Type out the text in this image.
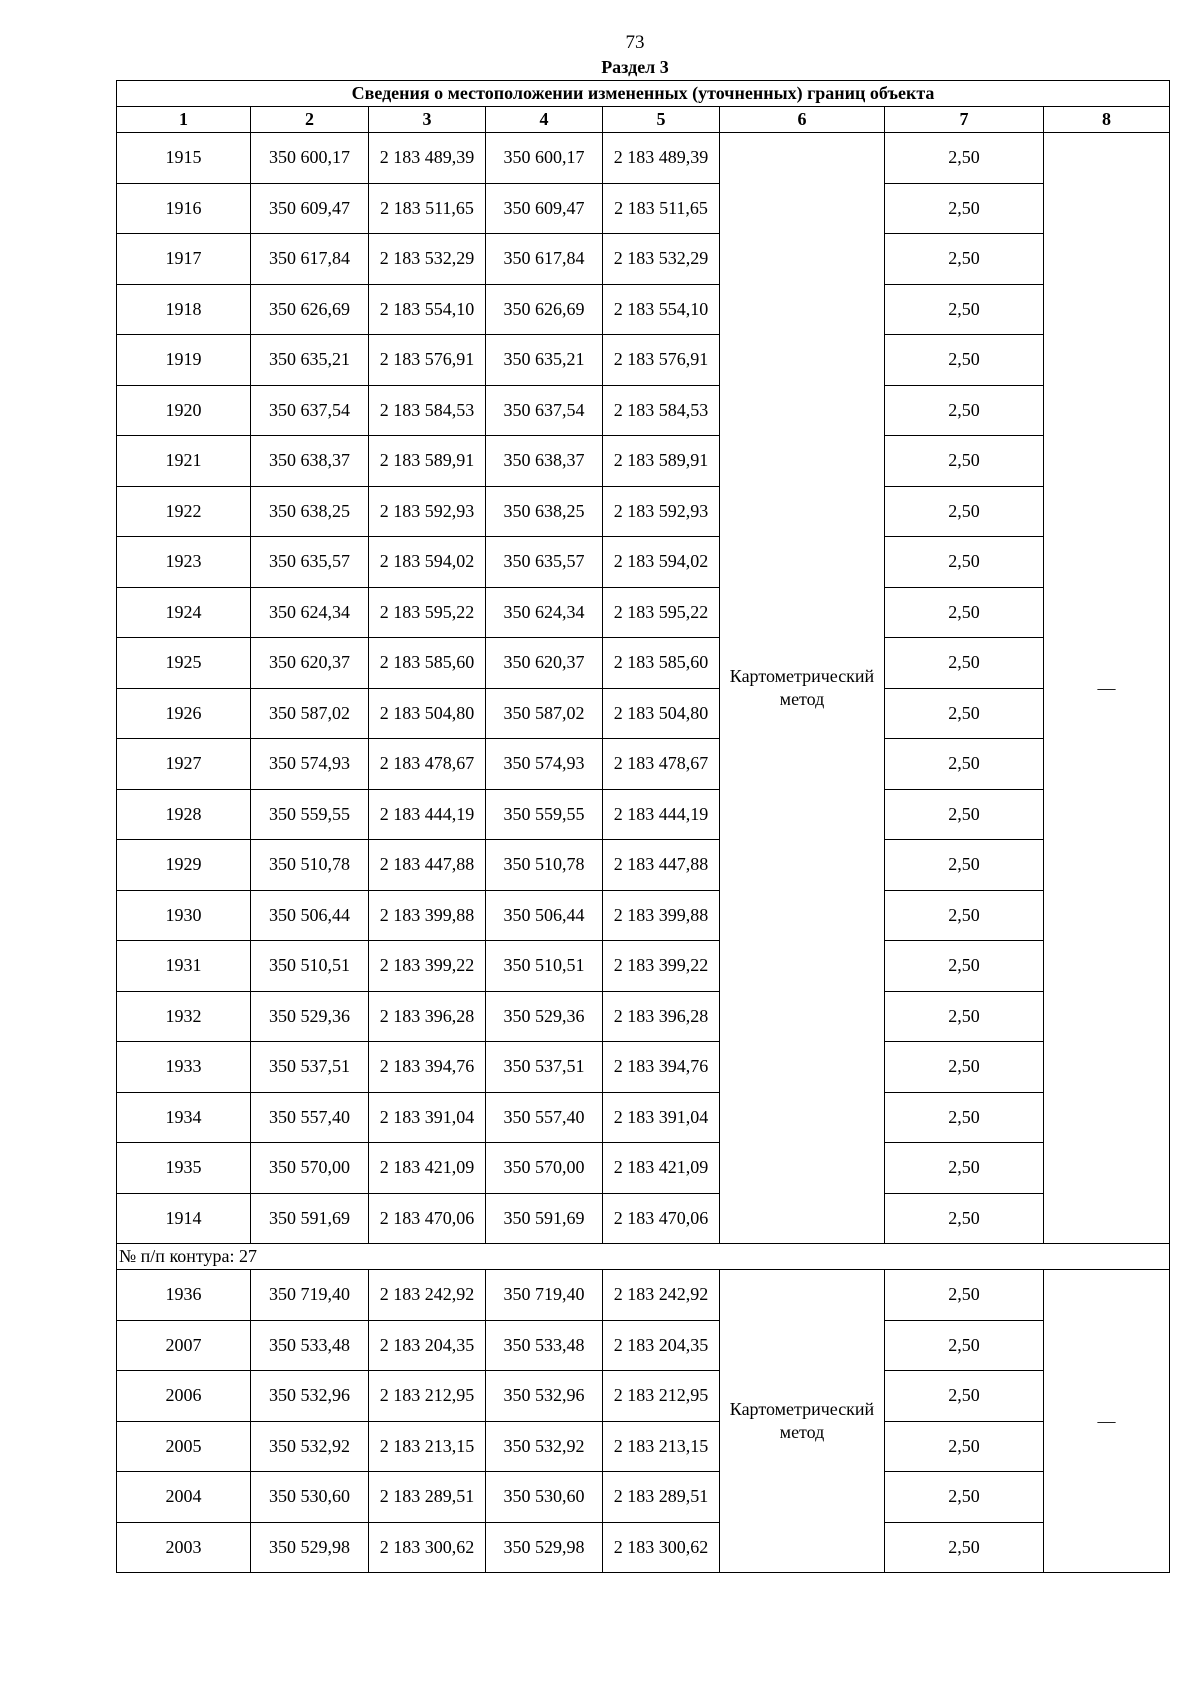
73
Раздел 3
Сведения о местоположении измененных (уточненных) границ объекта							
1	2	3	4	5	6	7	8
1915	350 600,17	2 183 489,39	350 600,17	2 183 489,39	Картометрический метод	2,50	—
1916	350 609,47	2 183 511,65	350 609,47	2 183 511,65		2,50	
1917	350 617,84	2 183 532,29	350 617,84	2 183 532,29		2,50	
1918	350 626,69	2 183 554,10	350 626,69	2 183 554,10		2,50	
1919	350 635,21	2 183 576,91	350 635,21	2 183 576,91		2,50	
1920	350 637,54	2 183 584,53	350 637,54	2 183 584,53		2,50	
1921	350 638,37	2 183 589,91	350 638,37	2 183 589,91		2,50	
1922	350 638,25	2 183 592,93	350 638,25	2 183 592,93		2,50	
1923	350 635,57	2 183 594,02	350 635,57	2 183 594,02		2,50	
1924	350 624,34	2 183 595,22	350 624,34	2 183 595,22		2,50	
1925	350 620,37	2 183 585,60	350 620,37	2 183 585,60		2,50	
1926	350 587,02	2 183 504,80	350 587,02	2 183 504,80		2,50	
1927	350 574,93	2 183 478,67	350 574,93	2 183 478,67		2,50	
1928	350 559,55	2 183 444,19	350 559,55	2 183 444,19		2,50	
1929	350 510,78	2 183 447,88	350 510,78	2 183 447,88		2,50	
1930	350 506,44	2 183 399,88	350 506,44	2 183 399,88		2,50	
1931	350 510,51	2 183 399,22	350 510,51	2 183 399,22		2,50	
1932	350 529,36	2 183 396,28	350 529,36	2 183 396,28		2,50	
1933	350 537,51	2 183 394,76	350 537,51	2 183 394,76		2,50	
1934	350 557,40	2 183 391,04	350 557,40	2 183 391,04		2,50	
1935	350 570,00	2 183 421,09	350 570,00	2 183 421,09		2,50	
1914	350 591,69	2 183 470,06	350 591,69	2 183 470,06		2,50	
№ п/п контура: 27							
1936	350 719,40	2 183 242,92	350 719,40	2 183 242,92	Картометрический метод	2,50	—
2007	350 533,48	2 183 204,35	350 533,48	2 183 204,35		2,50	
2006	350 532,96	2 183 212,95	350 532,96	2 183 212,95		2,50	
2005	350 532,92	2 183 213,15	350 532,92	2 183 213,15		2,50	
2004	350 530,60	2 183 289,51	350 530,60	2 183 289,51		2,50	
2003	350 529,98	2 183 300,62	350 529,98	2 183 300,62		2,50	
